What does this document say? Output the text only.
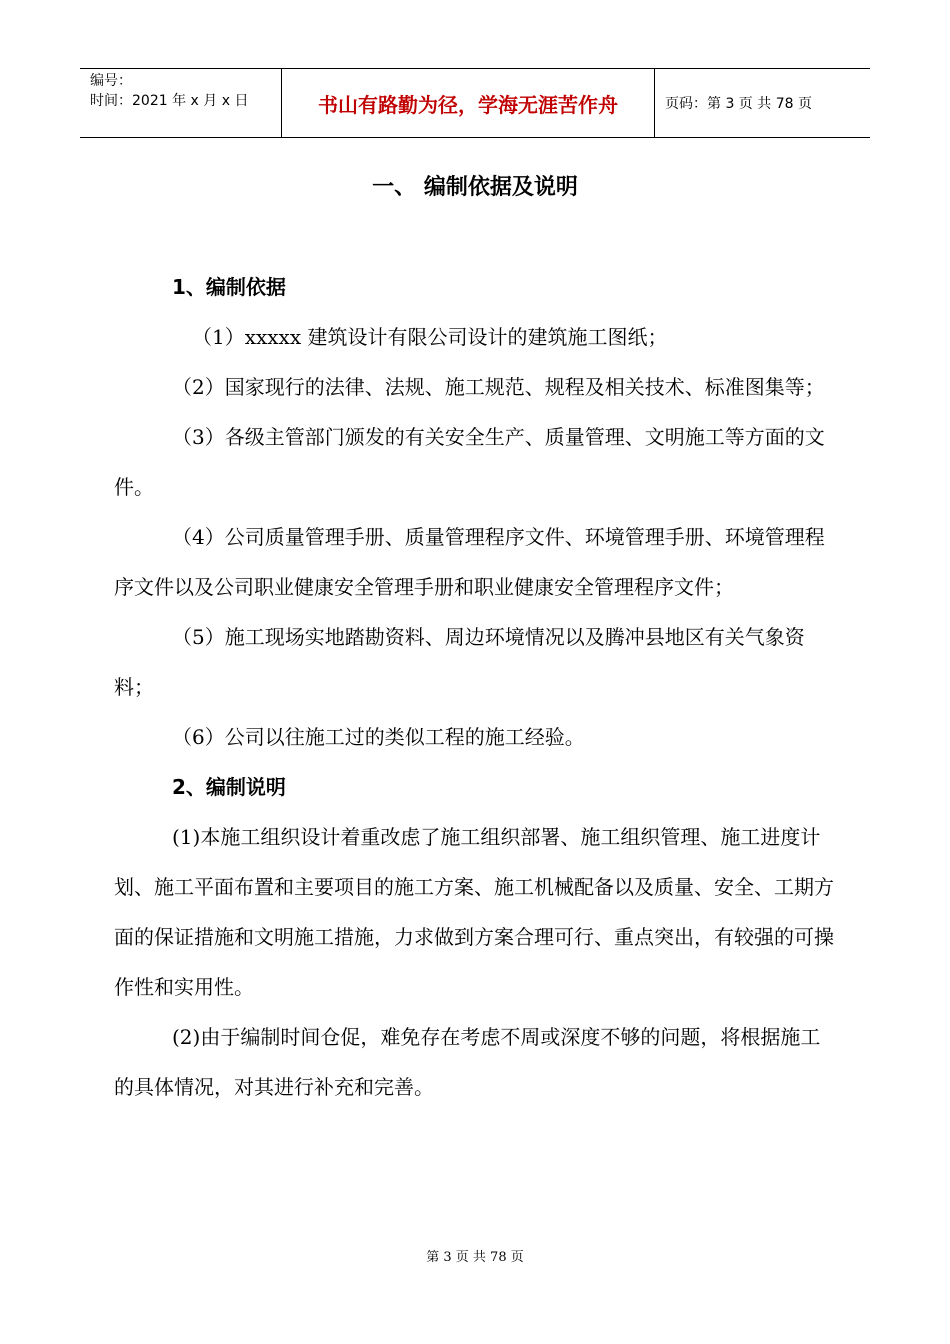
编号：
时间：2021 年 x 月 x 日	书山有路勤为径，学海无涯苦作舟	页码：第 3 页 共 78 页
一、 编制依据及说明

1、编制依据

（1）xxxxx 建筑设计有限公司设计的建筑施工图纸；

（2）国家现行的法律、法规、施工规范、规程及相关技术、标准图集等；

（3）各级主管部门颁发的有关安全生产、质量管理、文明施工等方面的文件。

（4）公司质量管理手册、质量管理程序文件、环境管理手册、环境管理程序文件以及公司职业健康安全管理手册和职业健康安全管理程序文件；

（5）施工现场实地踏勘资料、周边环境情况以及腾冲县地区有关气象资料；

（6）公司以往施工过的类似工程的施工经验。

2、编制说明

(1)本施工组织设计着重改虑了施工组织部署、施工组织管理、施工进度计划、施工平面布置和主要项目的施工方案、施工机械配备以及质量、安全、工期方面的保证措施和文明施工措施，力求做到方案合理可行、重点突出，有较强的可操作性和实用性。

(2)由于编制时间仓促，难免存在考虑不周或深度不够的问题，将根据施工的具体情况，对其进行补充和完善。

第 3 页 共 78 页
